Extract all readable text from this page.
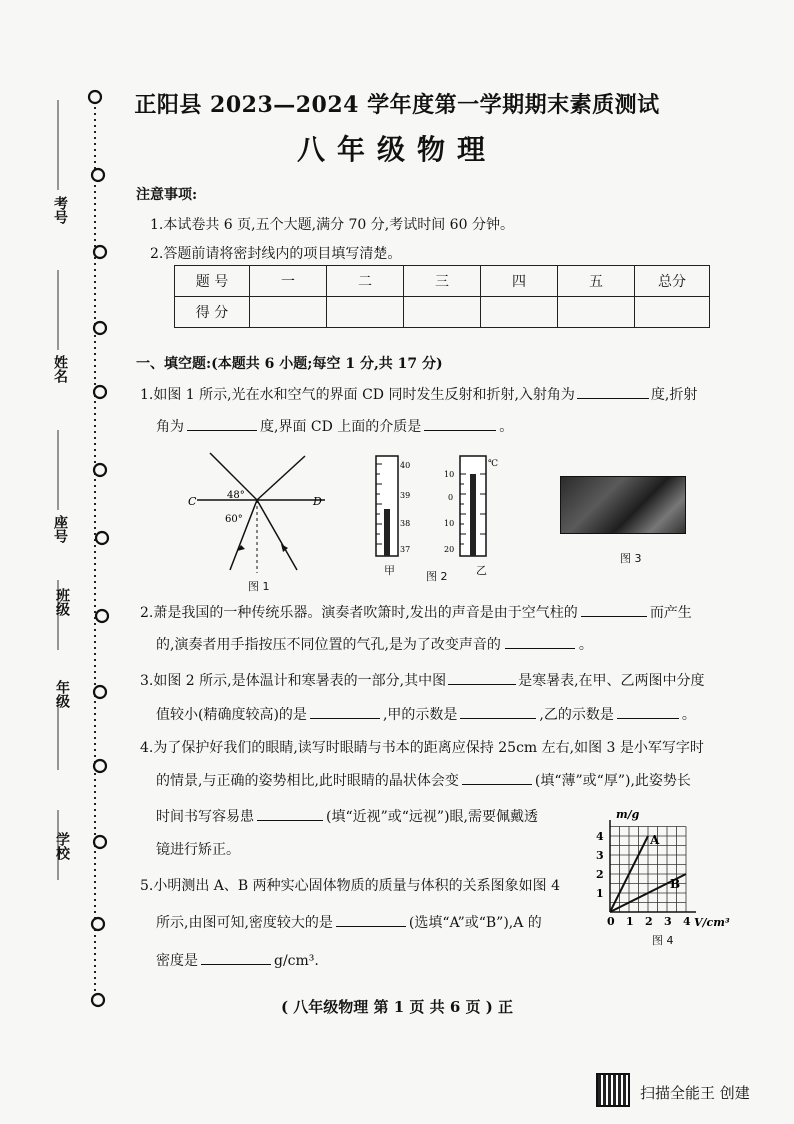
考号
姓名
座号
班级
年级
学校
正阳县 2023—2024 学年度第一学期期末素质测试
八年级物理
注意事项:
1.本试卷共 6 页,五个大题,满分 70 分,考试时间 60 分钟。
2.答题前请将密封线内的项目填写清楚。
题 号	一	二	三	四	五	总分
得 分						
一、填空题:(本题共 6 小题;每空 1 分,共 17 分)
1.如图 1 所示,光在水和空气的界面 CD 同时发生反射和折射,入射角为	度,折射
角为	度,界面 CD 上面的介质是	。
C	D
48°
60°
图 1
40
39
38
37
10
0
10
20
℃
甲	图 2	乙
图 3
2.萧是我国的一种传统乐器。演奏者吹箫时,发出的声音是由于空气柱的	而产生
的,演奏者用手指按压不同位置的气孔,是为了改变声音的	。
3.如图 2 所示,是体温计和寒暑表的一部分,其中图	是寒暑表,在甲、乙两图中分度
值较小(精确度较高)的是	,甲的示数是	,乙的示数是	。
4.为了保护好我们的眼睛,读写时眼睛与书本的距离应保持 25cm 左右,如图 3 是小军写字时
的情景,与正确的姿势相比,此时眼睛的晶状体会变	(填“薄”或“厚”),此姿势长
时间书写容易患	(填“近视”或“远视”)眼,需要佩戴透
镜进行矫正。
5.小明测出 A、B 两种实心固体物质的质量与体积的关系图象如图 4
所示,由图可知,密度较大的是	(选填“A”或“B”),A 的
密度是	g/cm³.
A
B
0 1 2 3 4
1
2
3
4
m/g
V/cm³
图 4
( 八年级物理 第 1 页 共 6 页 ) 正
扫描全能王 创建
